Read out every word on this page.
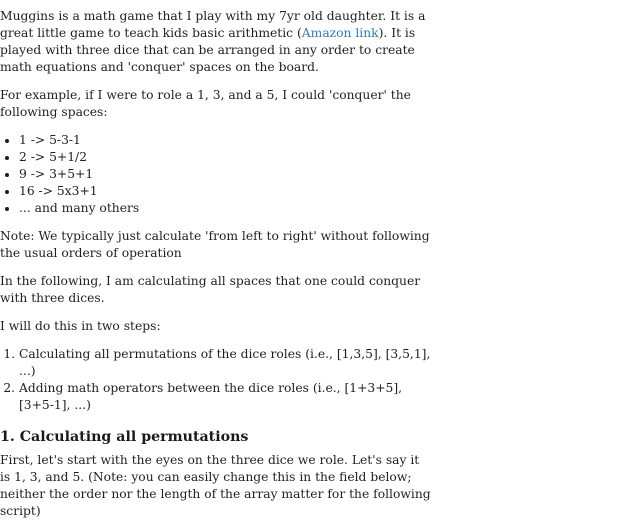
Muggins is a math game that I play with my 7yr old daughter. It is a great little game to teach kids basic arithmetic (Amazon link). It is played with three dice that can be arranged in any order to create math equations and 'conquer' spaces on the board.

For example, if I were to role a 1, 3, and a 5, I could 'conquer' the following spaces:

• 1 -> 5-3-1
• 2 -> 5+1/2
• 9 -> 3+5+1
• 16 -> 5x3+1
• ... and many others

Note: We typically just calculate 'from left to right' without following the usual orders of operation

In the following, I am calculating all spaces that one could conquer with three dices.

I will do this in two steps:

1. Calculating all permutations of the dice roles (i.e., [1,3,5], [3,5,1], ...)
2. Adding math operators between the dice roles (i.e., [1+3+5], [3+5-1], ...)
1. Calculating all permutations

First, let's start with the eyes on the three dice we role. Let's say it is 1, 3, and 5. (Note: you can easily change this in the field below; neither the order nor the length of the array matter for the following script)
